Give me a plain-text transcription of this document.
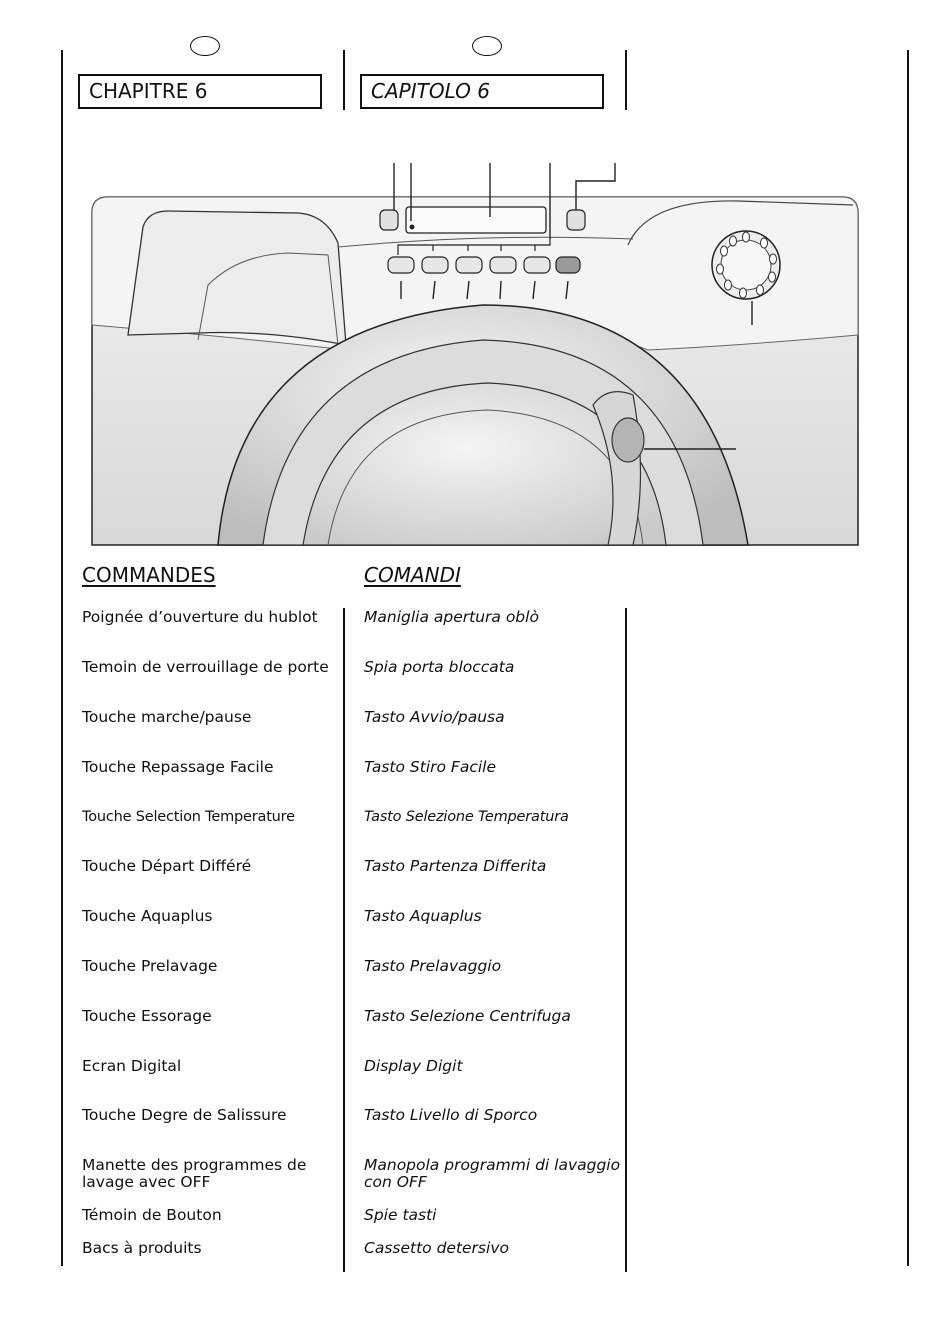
CHAPITRE 6	CAPITOLO 6
COMMANDES	COMANDI
Poignée d’ouverture du hublot
Temoin de verrouillage de porte
Touche marche/pause
Touche Repassage Facile
Touche Selection Temperature
Touche Départ Différé
Touche Aquaplus
Touche Prelavage
Touche Essorage
Ecran Digital
Touche Degre de Salissure
Manette des programmes de lavage avec OFF
Témoin de Bouton
Bacs à produits
Maniglia apertura oblò
Spia porta bloccata
Tasto Avvio/pausa
Tasto Stiro Facile
Tasto Selezione Temperatura
Tasto Partenza Differita
Tasto Aquaplus
Tasto Prelavaggio
Tasto Selezione Centrifuga
Display Digit
Tasto Livello di Sporco
Manopola programmi di lavaggio con OFF
Spie tasti
Cassetto detersivo
